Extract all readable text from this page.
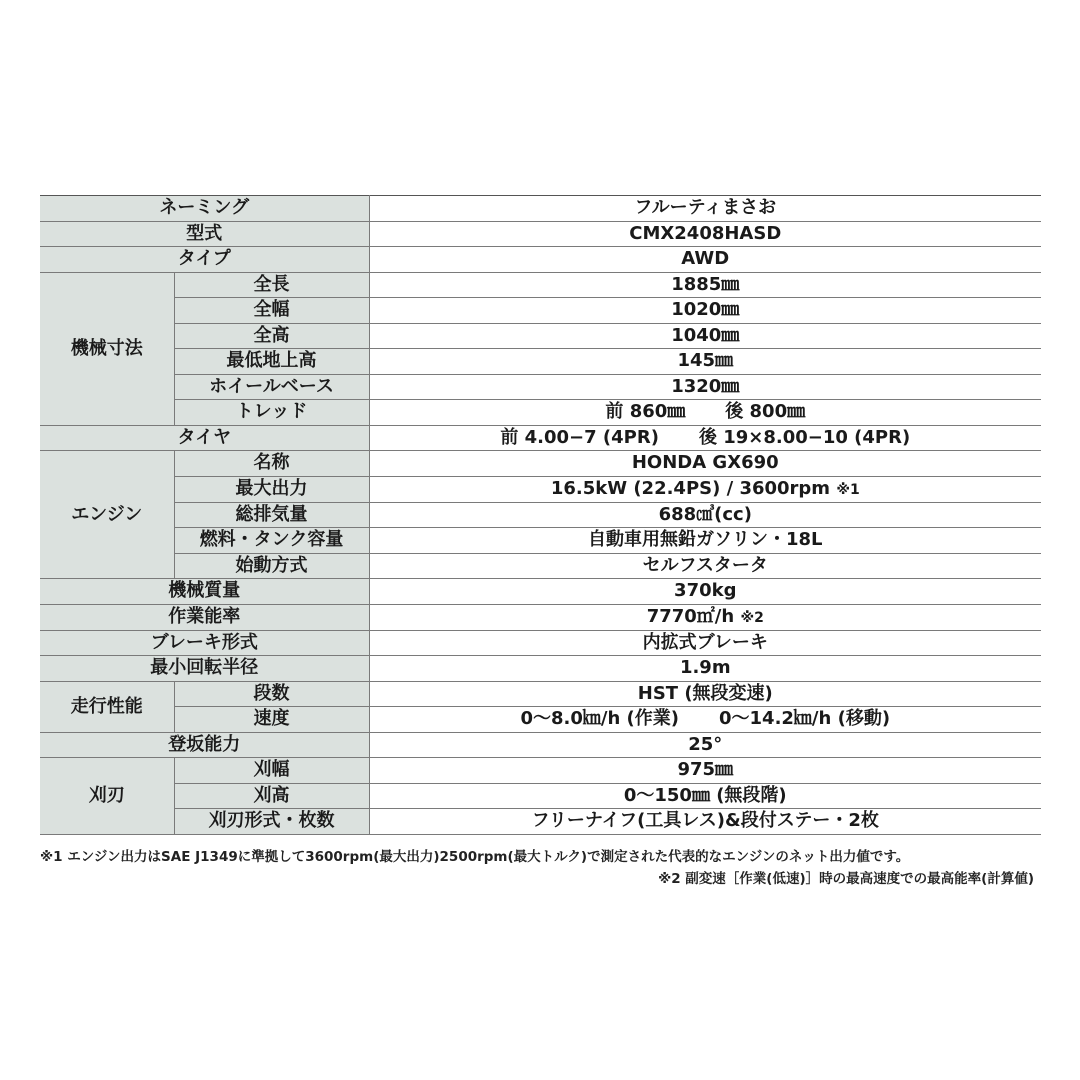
ネーミング		フルーティまさお
型式		CMX2408HASD
タイプ		AWD
機械寸法	全長	1885㎜
	全幅	1020㎜
	全高	1040㎜
	最低地上高	145㎜
	ホイールベース	1320㎜
	トレッド	前 860㎜ 後 800㎜
タイヤ		前 4.00−7 (4PR) 後 19×8.00−10 (4PR)
エンジン	名称	HONDA GX690
	最大出力	16.5kW (22.4PS) / 3600rpm ※1
	総排気量	688㎤(cc)
	燃料・タンク容量	自動車用無鉛ガソリン・18L
	始動方式	セルフスタータ
機械質量		370kg
作業能率		7770㎡/h ※2
ブレーキ形式		内拡式ブレーキ
最小回転半径		1.9m
走行性能	段数	HST (無段変速)
	速度	0〜8.0㎞/h (作業) 0〜14.2㎞/h (移動)
登坂能力		25°
刈刃	刈幅	975㎜
	刈高	0〜150㎜ (無段階)
	刈刃形式・枚数	フリーナイフ(工具レス)&段付ステー・2枚
※1 エンジン出力はSAE J1349に準拠して3600rpm(最大出力)2500rpm(最大トルク)で測定された代表的なエンジンのネット出力値です。
※2 副変速［作業(低速)］時の最高速度での最高能率(計算値)
